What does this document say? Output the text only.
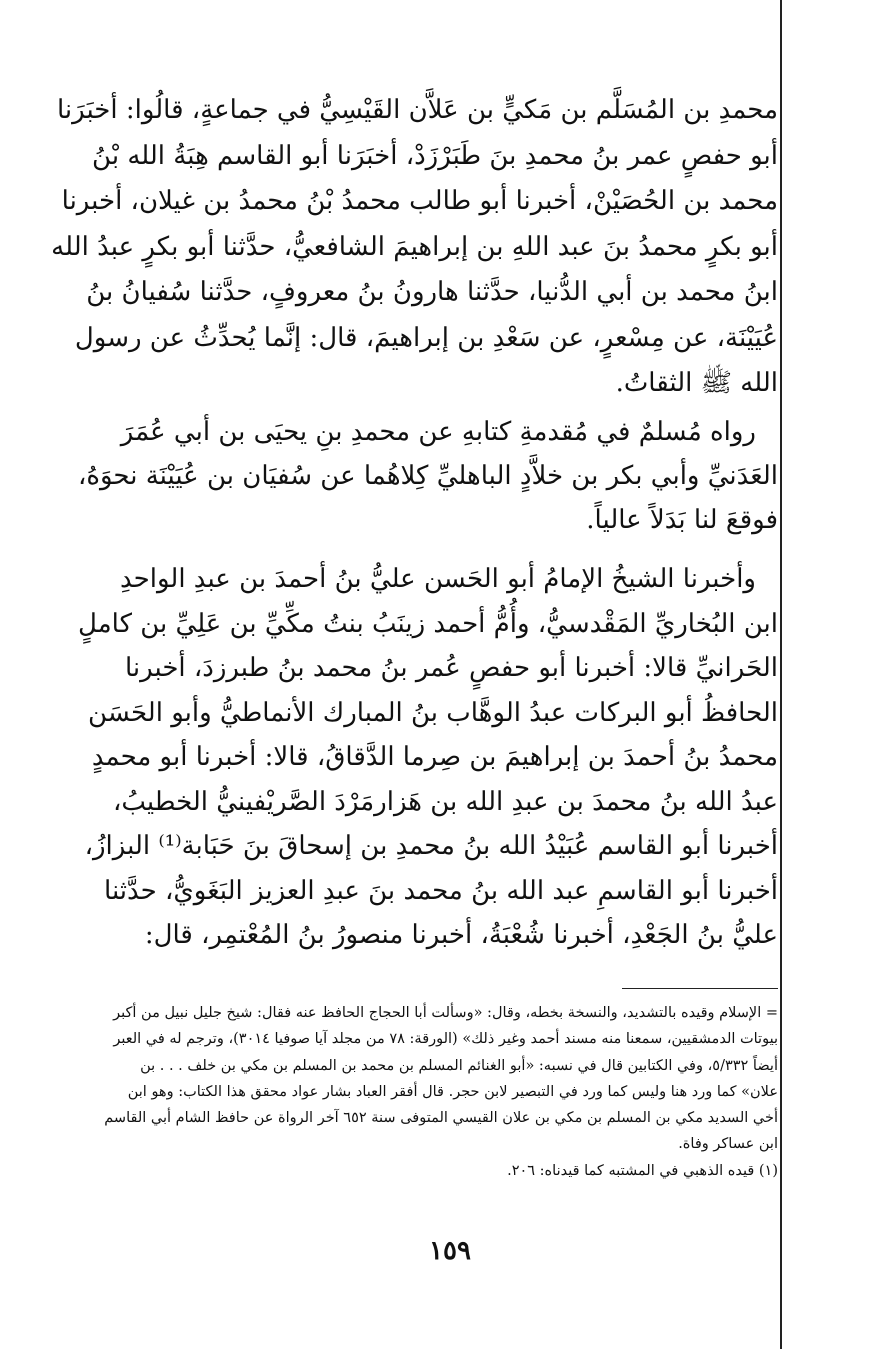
محمدِ بن المُسَلَّم بن مَكيٍّ بن عَلاَّن القَيْسِيُّ في جماعةٍ، قالُوا: أخبَرَنا
أبو حفصٍ عمر بنُ محمدِ بنَ طَبَرْزَدْ، أخبَرَنا أبو القاسم هِبَةُ الله بْنُ
محمد بن الحُصَيْنْ، أخبرنا أبو طالب محمدُ بْنُ محمدُ بن غيلان، أخبرنا
أبو بكرٍ محمدُ بنَ عبد اللهِ بن إبراهيمَ الشافعيُّ، حدَّثنا أبو بكرٍ عبدُ الله
ابنُ محمد بن أبي الدُّنيا، حدَّثنا هارونُ بنُ معروفٍ، حدَّثنا سُفيانُ بنُ
عُيَيْنَة، عن مِسْعرٍ، عن سَعْدِ بن إبراهيمَ، قال: إنَّما يُحدِّثُ عن رسول
الله ﷺ الثقاتُ.
رواه مُسلمٌ في مُقدمةِ كتابهِ عن محمدِ بنِ يحيَى بن أبي عُمَرَ
العَدَنيِّ وأبي بكر بن خلاَّدٍ الباهليِّ كِلاهُما عن سُفيَان بن عُيَيْنَة نحوَهُ،
فوقعَ لنا بَدَلاً عالياً.
وأخبرنا الشيخُ الإمامُ أبو الحَسن عليُّ بنُ أحمدَ بن عبدِ الواحدِ
ابن البُخاريِّ المَقْدسيُّ، وأُمُّ أحمد زينَبُ بنتُ مكِّيِّ بن عَلِيِّ بن كاملٍ
الحَرانيِّ قالا: أخبرنا أبو حفصٍ عُمر بنُ محمد بنُ طبرزدَ، أخبرنا
الحافظُ أبو البركات عبدُ الوهَّاب بنُ المبارك الأنماطيُّ وأبو الحَسَن
محمدُ بنُ أحمدَ بن إبراهيمَ بن صِرما الدَّقاقُ، قالا: أخبرنا أبو محمدٍ
عبدُ الله بنُ محمدَ بن عبدِ الله بن هَزارمَرْدَ الصَّريْفينيُّ الخطيبُ،
أخبرنا أبو القاسم عُبَيْدُ الله بنُ محمدِ بن إسحاقَ بنَ حَبَابة⁽¹⁾ البزازُ،
أخبرنا أبو القاسمِ عبد الله بنُ محمد بنَ عبدِ العزيز البَغَويُّ، حدَّثنا
عليُّ بنُ الجَعْدِ، أخبرنا شُعْبَةُ، أخبرنا منصورُ بنُ المُعْتمِر، قال:
= الإسلام وقيده بالتشديد، والنسخة بخطه، وقال: «وسألت أبا الحجاج الحافظ عنه فقال: شيخ جليل نبيل من أكبر
بيوتات الدمشقيين، سمعنا منه مسند أحمد وغير ذلك» (الورقة: ٧٨ من مجلد آيا صوفيا ٣٠١٤)، وترجم له في العبر
أيضاً ٥/٣٣٢، وفي الكتابين قال في نسبه: «أبو الغنائم المسلم بن محمد بن المسلم بن مكي بن خلف . . . بن
علان» كما ورد هنا وليس كما ورد في التبصير لابن حجر. قال أفقر العباد بشار عواد محقق هذا الكتاب: وهو ابن
أخي السديد مكي بن المسلم بن مكي بن علان القيسي المتوفى سنة ٦٥٢ آخر الرواة عن حافظ الشام أبي القاسم
ابن عساكر وفاة.
(١) قيده الذهبي في المشتبه كما قيدناه: ٢٠٦.
١٥٩
